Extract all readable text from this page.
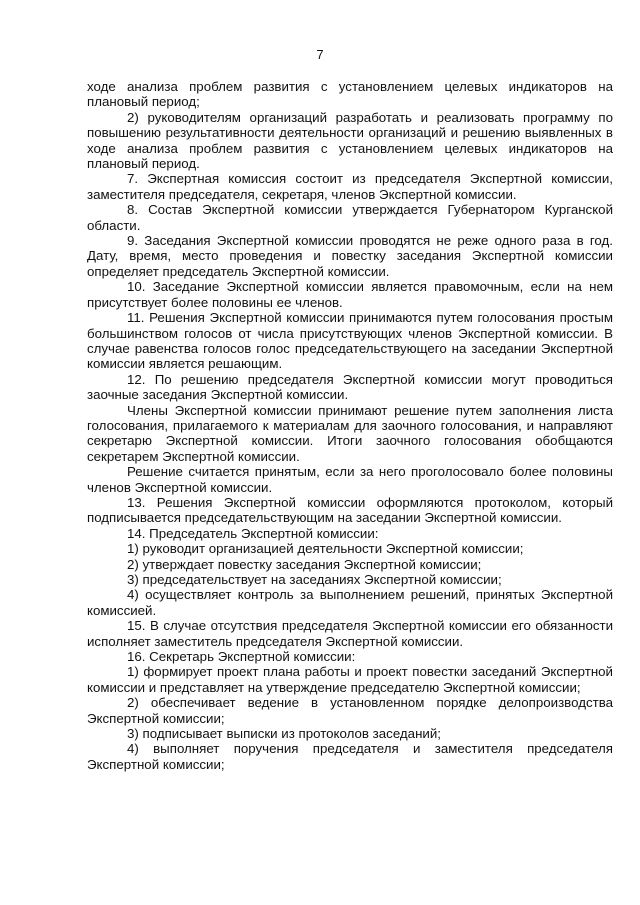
7

ходе анализа проблем развития с установлением целевых индикаторов на плановый период;

2) руководителям организаций разработать и реализовать программу по повышению результативности деятельности организаций и решению выявленных в ходе анализа проблем развития с установлением целевых индикаторов на плановый период.

7. Экспертная комиссия состоит из председателя Экспертной комиссии, заместителя председателя, секретаря, членов Экспертной комиссии.

8. Состав Экспертной комиссии утверждается Губернатором Курганской области.

9. Заседания Экспертной комиссии проводятся не реже одного раза в год. Дату, время, место проведения и повестку заседания Экспертной комиссии определяет председатель Экспертной комиссии.

10. Заседание Экспертной комиссии является правомочным, если на нем присутствует более половины ее членов.

11. Решения Экспертной комиссии принимаются путем голосования простым большинством голосов от числа присутствующих членов Экспертной комиссии. В случае равенства голосов голос председательствующего на заседании Экспертной комиссии является решающим.

12. По решению председателя Экспертной комиссии могут проводиться заочные заседания Экспертной комиссии.

Члены Экспертной комиссии принимают решение путем заполнения листа голосования, прилагаемого к материалам для заочного голосования, и направляют секретарю Экспертной комиссии. Итоги заочного голосования обобщаются секретарем Экспертной комиссии.

Решение считается принятым, если за него проголосовало более половины членов Экспертной комиссии.

13. Решения Экспертной комиссии оформляются протоколом, который подписывается председательствующим на заседании Экспертной комиссии.

14. Председатель Экспертной комиссии:

1) руководит организацией деятельности Экспертной комиссии;

2) утверждает повестку заседания Экспертной комиссии;

3) председательствует на заседаниях Экспертной комиссии;

4) осуществляет контроль за выполнением решений, принятых Экспертной комиссией.

15. В случае отсутствия председателя Экспертной комиссии его обязанности исполняет заместитель председателя Экспертной комиссии.

16. Секретарь Экспертной комиссии:

1) формирует проект плана работы и проект повестки заседаний Экспертной комиссии и представляет на утверждение председателю Экспертной комиссии;

2) обеспечивает ведение в установленном порядке делопроизводства Экспертной комиссии;

3) подписывает выписки из протоколов заседаний;

4) выполняет поручения председателя и заместителя председателя Экспертной комиссии;
